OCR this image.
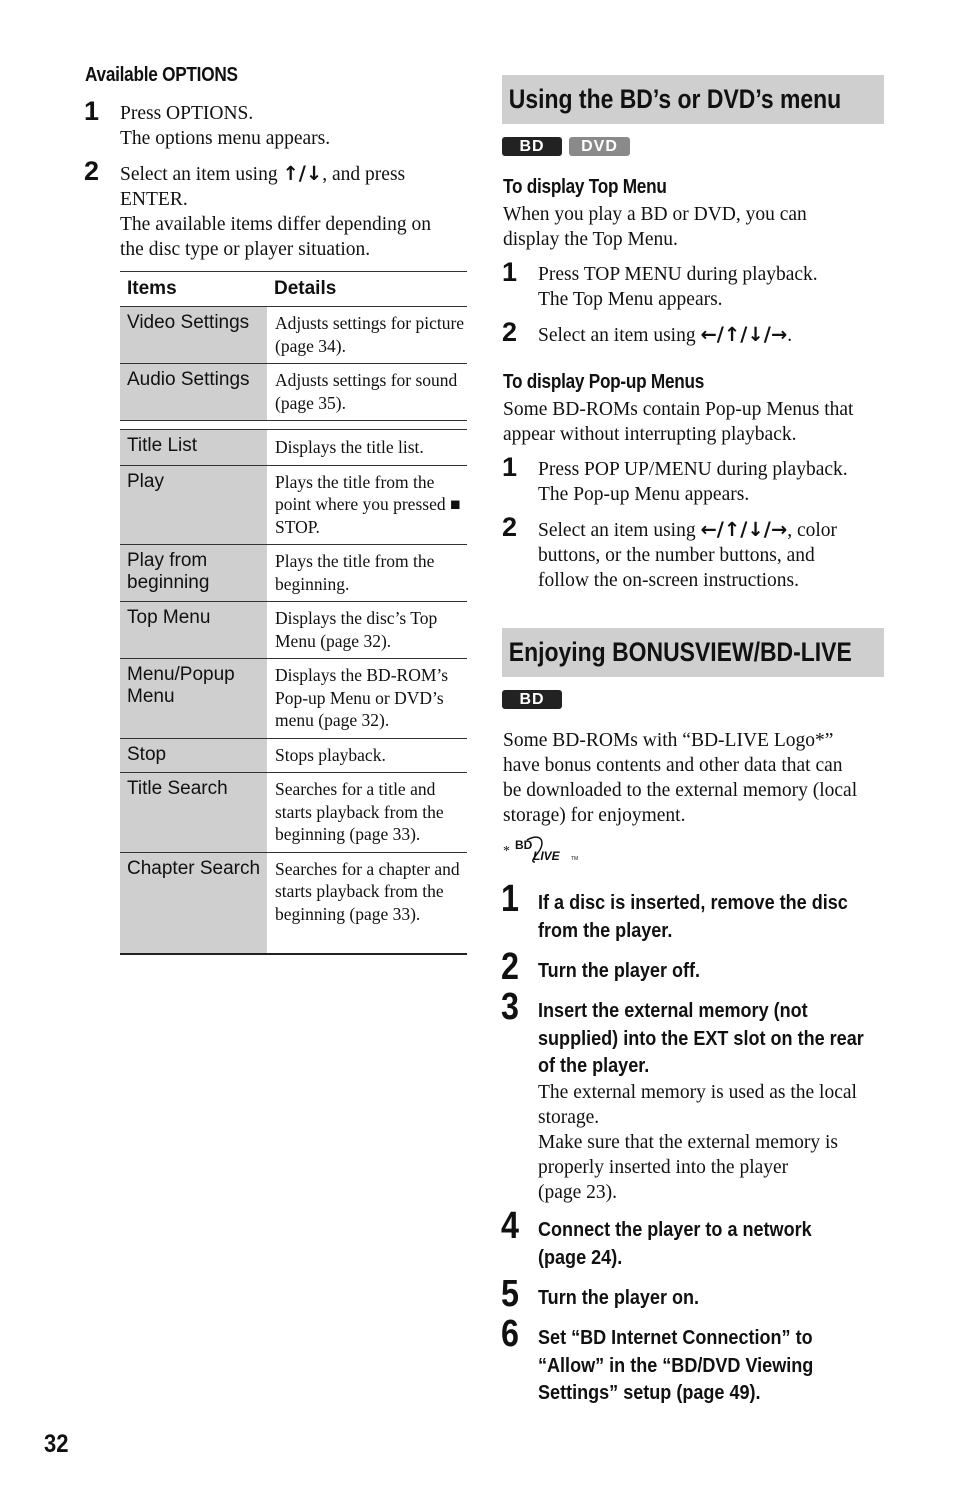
Available OPTIONS
1 Press OPTIONS.
The options menu appears.
2 Select an item using ↑/↓, and press
ENTER.
The available items differ depending on
the disc type or player situation.
Items	Details
Video Settings	Adjusts settings for picture (page 34).
Audio Settings	Adjusts settings for sound (page 35).

Title List	Displays the title list.
Play	Plays the title from the point where you pressed ■ STOP.
Play from beginning	Plays the title from the beginning.
Top Menu	Displays the disc’s Top Menu (page 32).
Menu/Popup Menu	Displays the BD-ROM’s Pop-up Menu or DVD’s menu (page 32).
Stop	Stops playback.
Title Search	Searches for a title and starts playback from the beginning (page 33).
Chapter Search	Searches for a chapter and starts playback from the beginning (page 33).
32
Using the BD’s or DVD’s menu
BD	DVD
To display Top Menu
When you play a BD or DVD, you can
display the Top Menu.
1 Press TOP MENU during playback.
The Top Menu appears.
2 Select an item using ←/↑/↓/→.
To display Pop-up Menus
Some BD-ROMs contain Pop-up Menus that
appear without interrupting playback.
1 Press POP UP/MENU during playback.
The Pop-up Menu appears.
2 Select an item using ←/↑/↓/→, color
buttons, or the number buttons, and
follow the on-screen instructions.
Enjoying BONUSVIEW/BD-LIVE
BD
Some BD-ROMs with “BD-LIVE Logo*”
have bonus contents and other data that can
be downloaded to the external memory (local
storage) for enjoyment.
* BD
LIVE TM
1 If a disc is inserted, remove the disc
from the player.
2 Turn the player off.
3 Insert the external memory (not
supplied) into the EXT slot on the rear
of the player.
The external memory is used as the local
storage.
Make sure that the external memory is
properly inserted into the player
(page 23).
4 Connect the player to a network
(page 24).
5 Turn the player on.
6 Set “BD Internet Connection” to
“Allow” in the “BD/DVD Viewing
Settings” setup (page 49).
